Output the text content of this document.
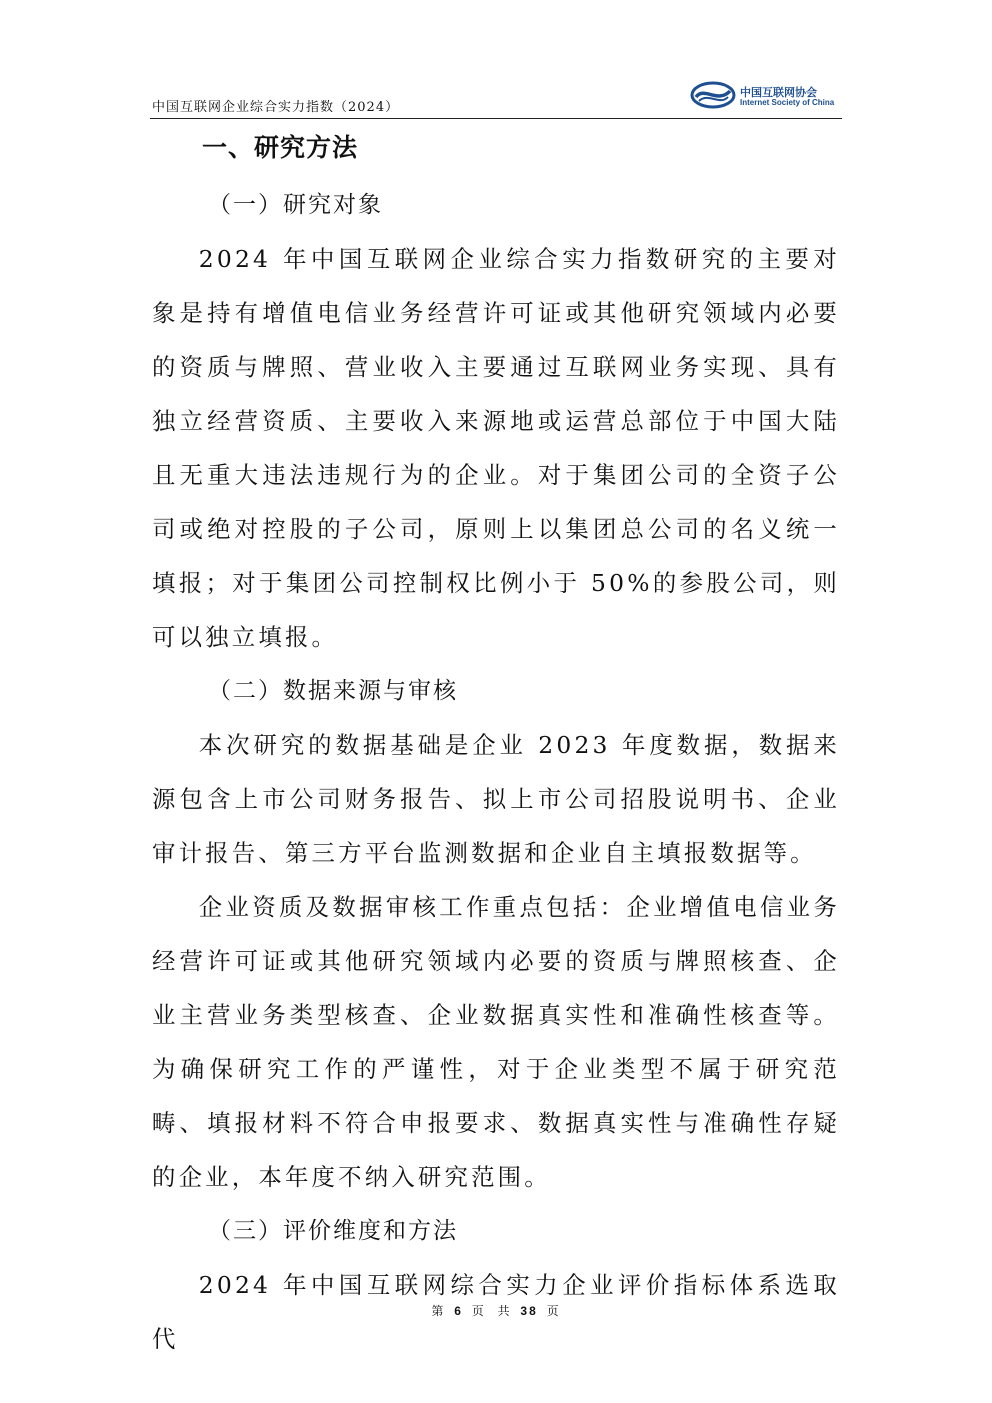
中国互联网企业综合实力指数（2024）
中国互联网协会
Internet Society of China
一、研究方法
（一）研究对象

2024 年中国互联网企业综合实力指数研究的主要对象是持有增值电信业务经营许可证或其他研究领域内必要的资质与牌照、营业收入主要通过互联网业务实现、具有独立经营资质、主要收入来源地或运营总部位于中国大陆且无重大违法违规行为的企业。对于集团公司的全资子公司或绝对控股的子公司，原则上以集团总公司的名义统一填报；对于集团公司控制权比例小于 50%的参股公司，则可以独立填报。

（二）数据来源与审核

本次研究的数据基础是企业 2023 年度数据，数据来源包含上市公司财务报告、拟上市公司招股说明书、企业审计报告、第三方平台监测数据和企业自主填报数据等。

企业资质及数据审核工作重点包括：企业增值电信业务经营许可证或其他研究领域内必要的资质与牌照核查、企业主营业务类型核查、企业数据真实性和准确性核查等。为确保研究工作的严谨性，对于企业类型不属于研究范畴、填报材料不符合申报要求、数据真实性与准确性存疑的企业，本年度不纳入研究范围。

（三）评价维度和方法

2024 年中国互联网综合实力企业评价指标体系选取代

第 6 页 共 38 页
